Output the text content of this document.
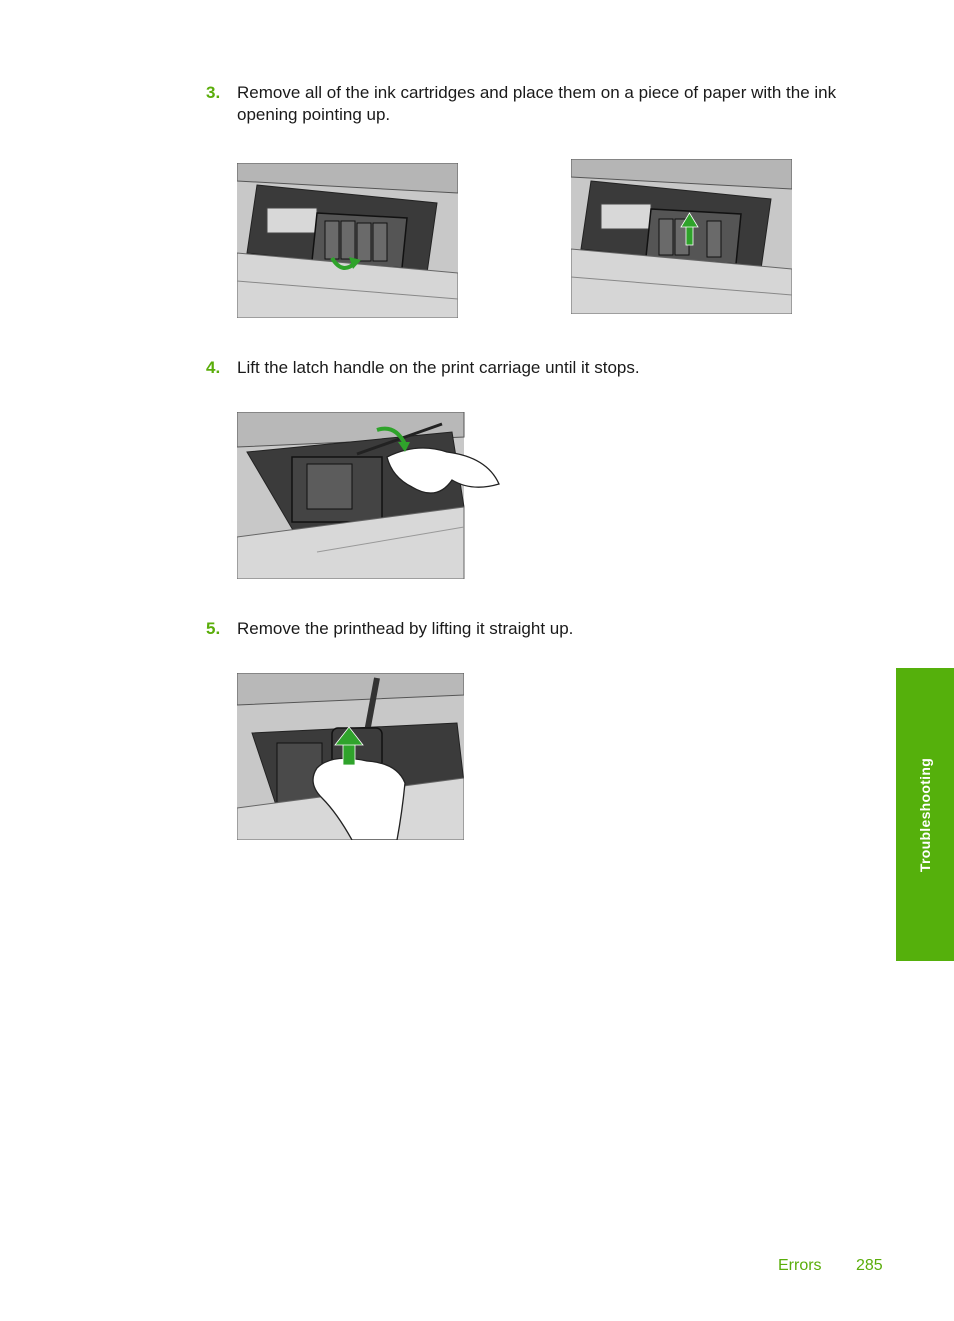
3. Remove all of the ink cartridges and place them on a piece of paper with the ink opening pointing up.
4. Lift the latch handle on the print carriage until it stops.
5. Remove the printhead by lifting it straight up.
Troubleshooting
Errors 285
